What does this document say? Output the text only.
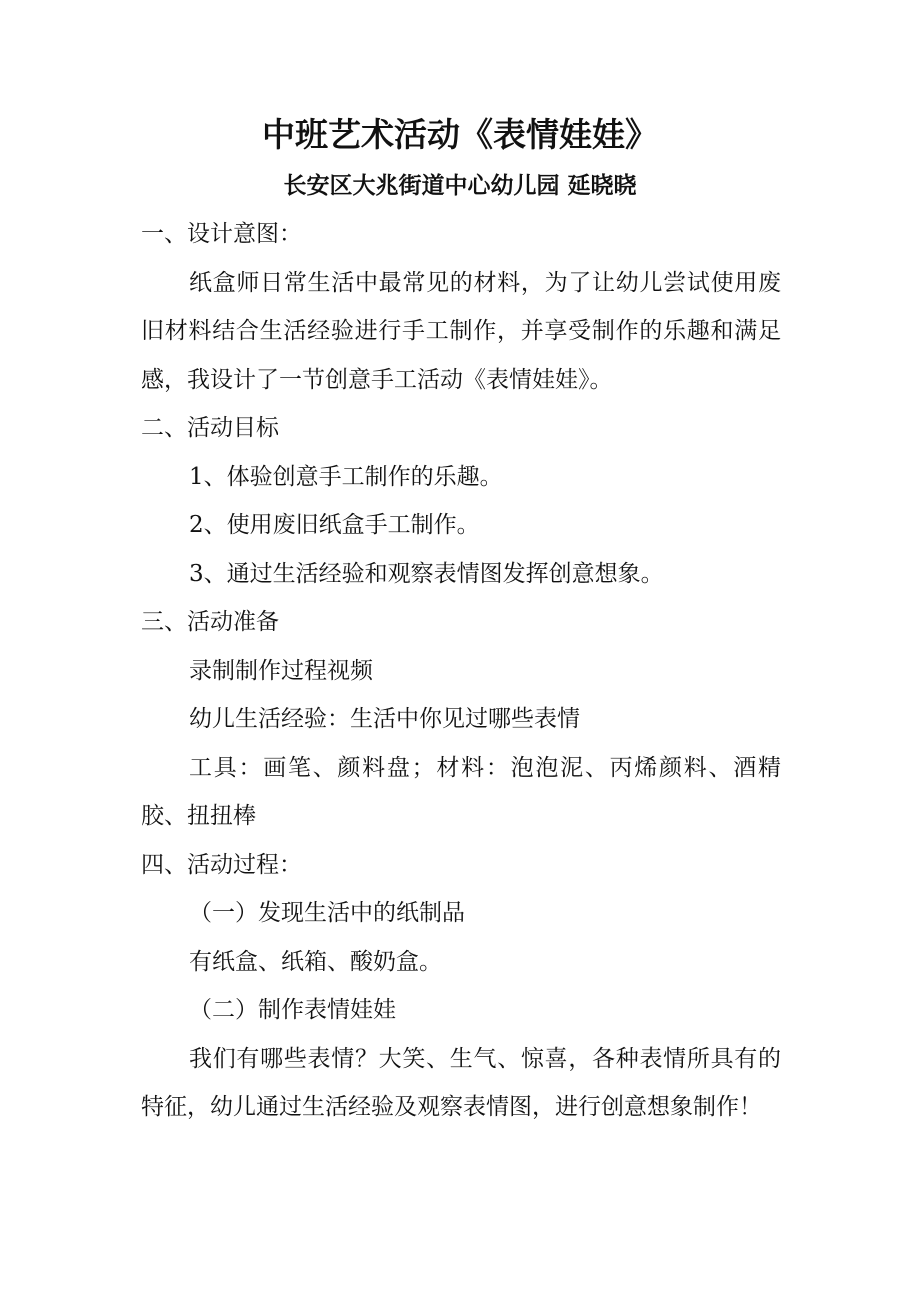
中班艺术活动《表情娃娃》
长安区大兆街道中心幼儿园 延晓晓

一、设计意图：

纸盒师日常生活中最常见的材料，为了让幼儿尝试使用废旧材料结合生活经验进行手工制作，并享受制作的乐趣和满足感，我设计了一节创意手工活动《表情娃娃》。

二、活动目标

1、体验创意手工制作的乐趣。

2、使用废旧纸盒手工制作。

3、通过生活经验和观察表情图发挥创意想象。

三、活动准备

录制制作过程视频

幼儿生活经验：生活中你见过哪些表情

工具：画笔、颜料盘；材料：泡泡泥、丙烯颜料、酒精胶、扭扭棒

四、活动过程：

（一）发现生活中的纸制品

有纸盒、纸箱、酸奶盒。

（二）制作表情娃娃

我们有哪些表情？大笑、生气、惊喜，各种表情所具有的特征，幼儿通过生活经验及观察表情图，进行创意想象制作！
